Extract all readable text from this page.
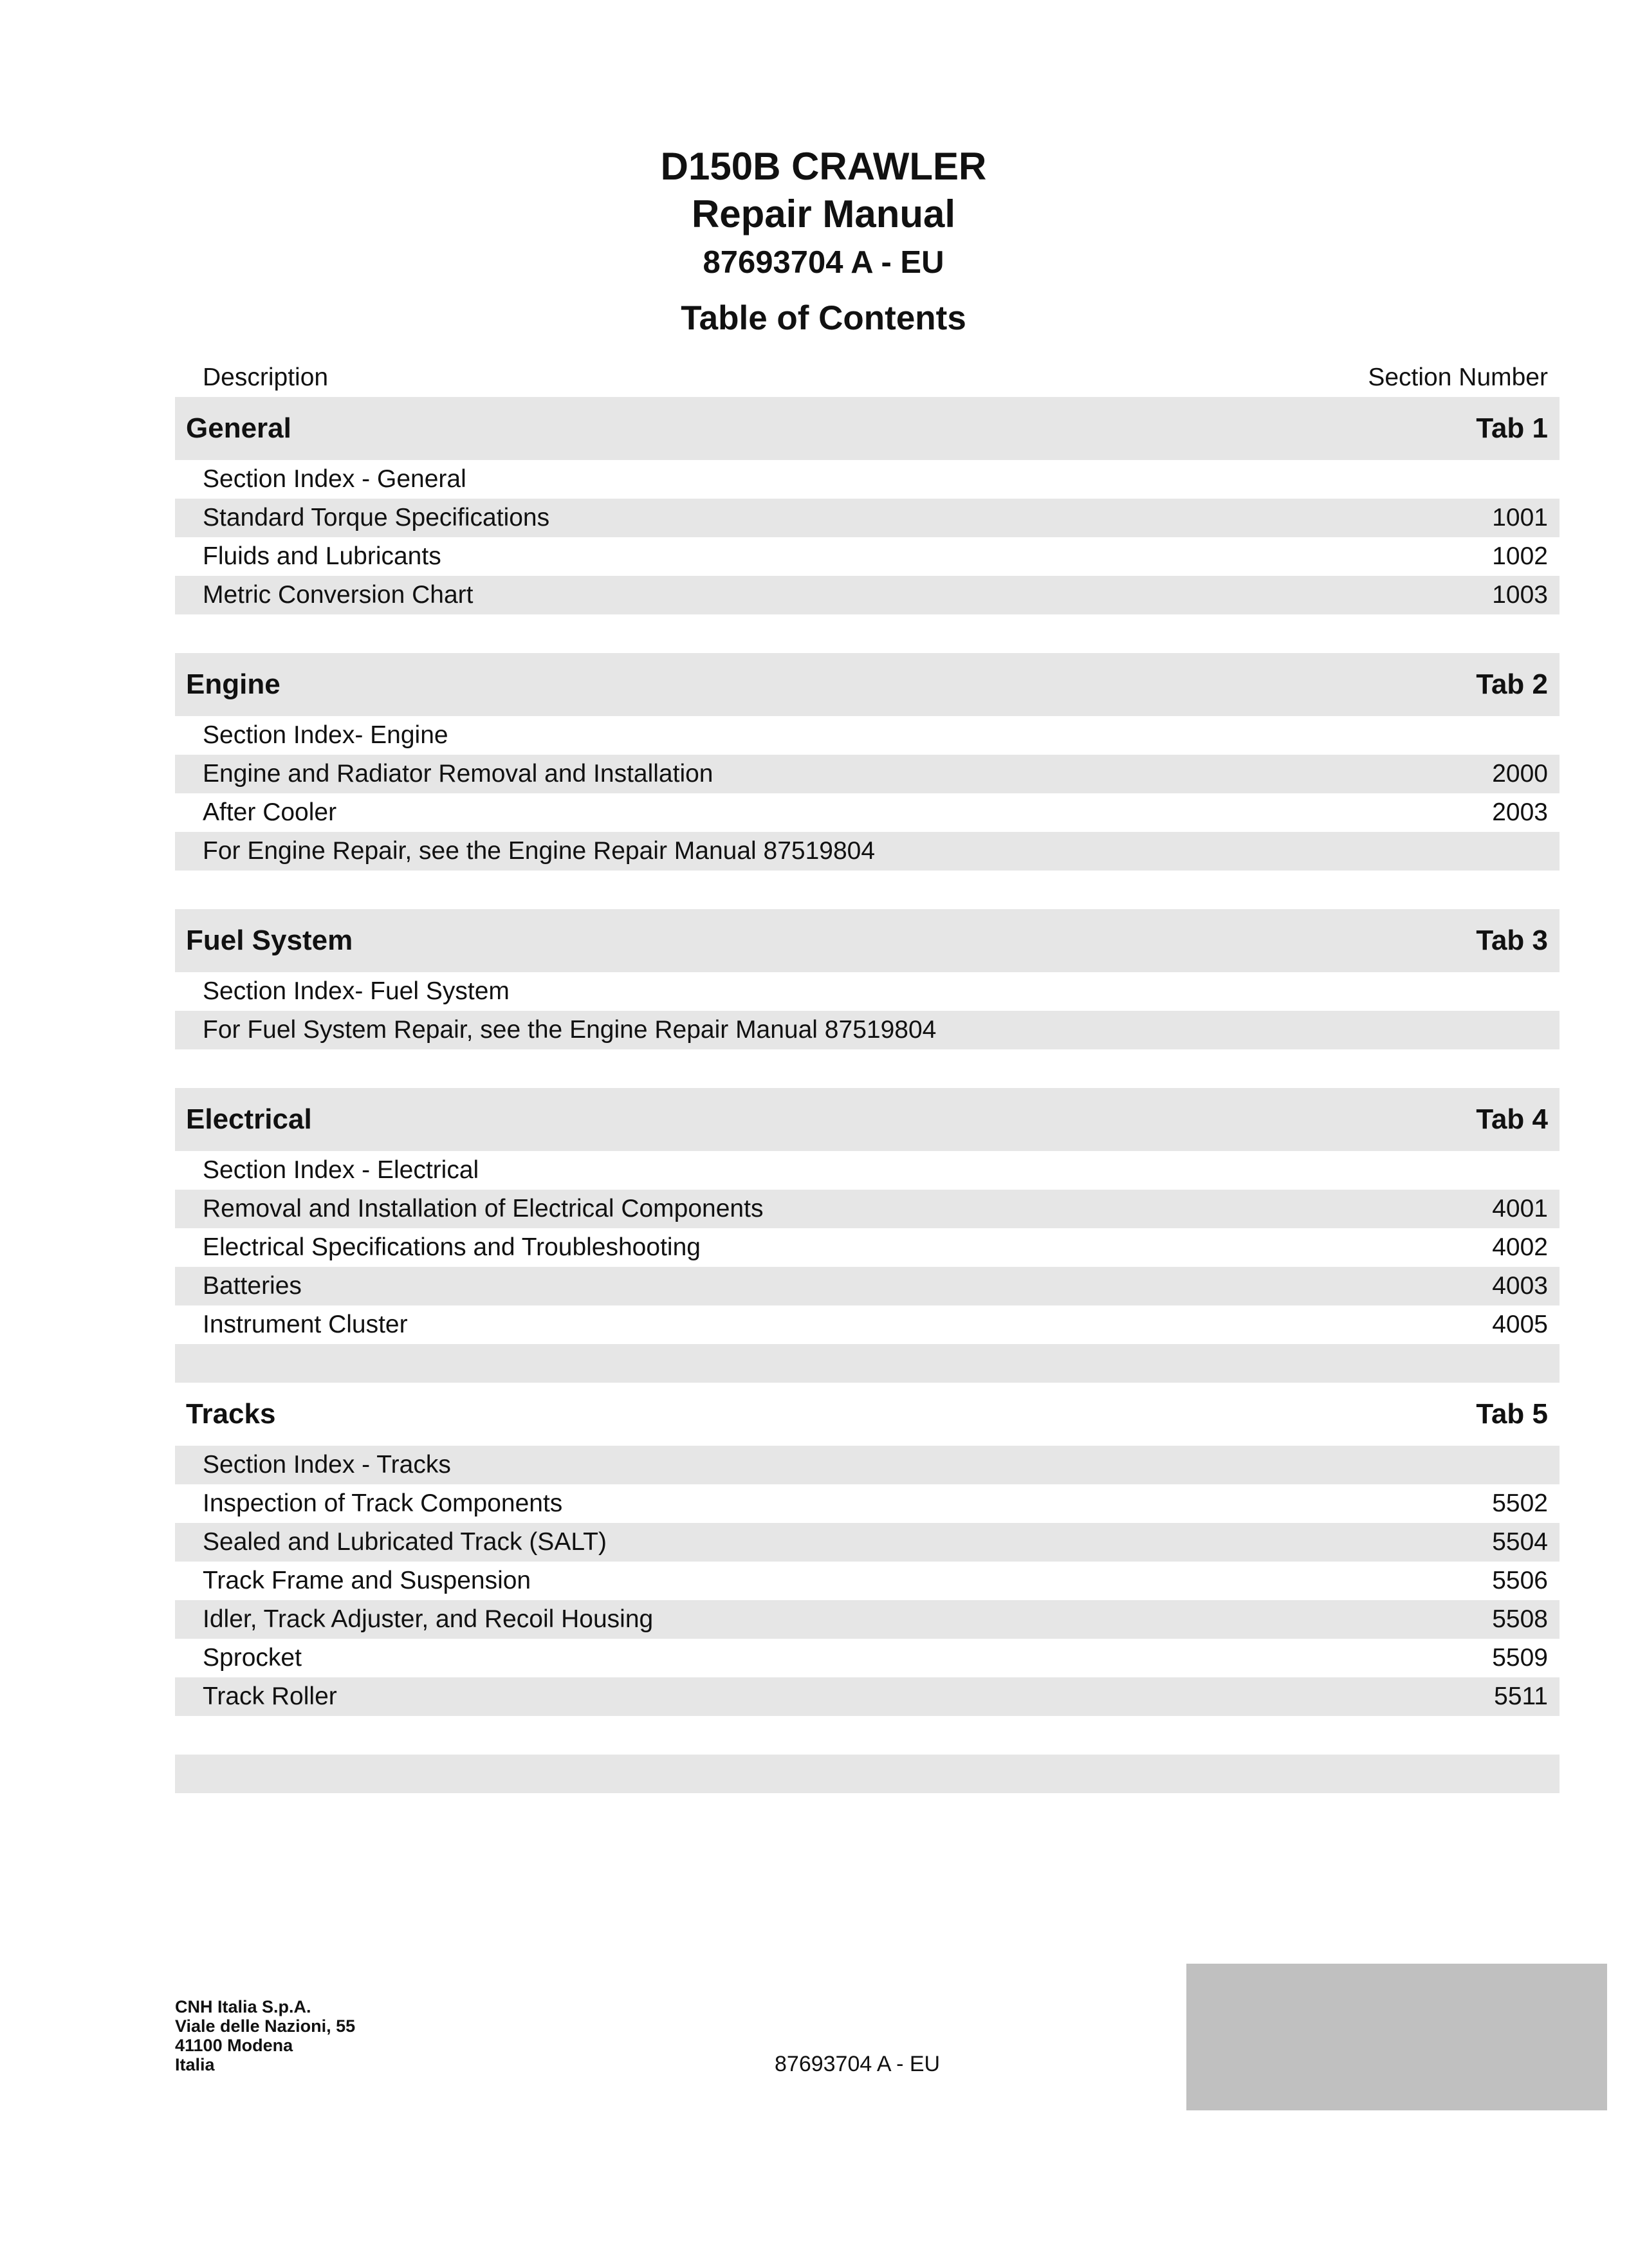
D150B CRAWLER
Repair Manual
87693704 A - EU
Table of Contents
Description	Section Number
General	Tab 1
Section Index - General
Standard Torque Specifications	1001
Fluids and Lubricants	1002
Metric Conversion Chart	1003
Engine	Tab 2
Section Index- Engine
Engine and Radiator Removal and Installation	2000
After Cooler	2003
For Engine Repair, see the Engine Repair Manual 87519804
Fuel System	Tab 3
Section Index- Fuel System
For Fuel System Repair, see the Engine Repair Manual 87519804
Electrical	Tab 4
Section Index - Electrical
Removal and Installation of Electrical Components	4001
Electrical Specifications and Troubleshooting	4002
Batteries	4003
Instrument Cluster	4005
Tracks	Tab 5
Section Index - Tracks
Inspection of Track Components	5502
Sealed and Lubricated Track (SALT)	5504
Track Frame and Suspension	5506
Idler, Track Adjuster, and Recoil Housing	5508
Sprocket	5509
Track Roller	5511
CNH Italia S.p.A.
Viale delle Nazioni, 55
41100 Modena
Italia	87693704 A - EU
